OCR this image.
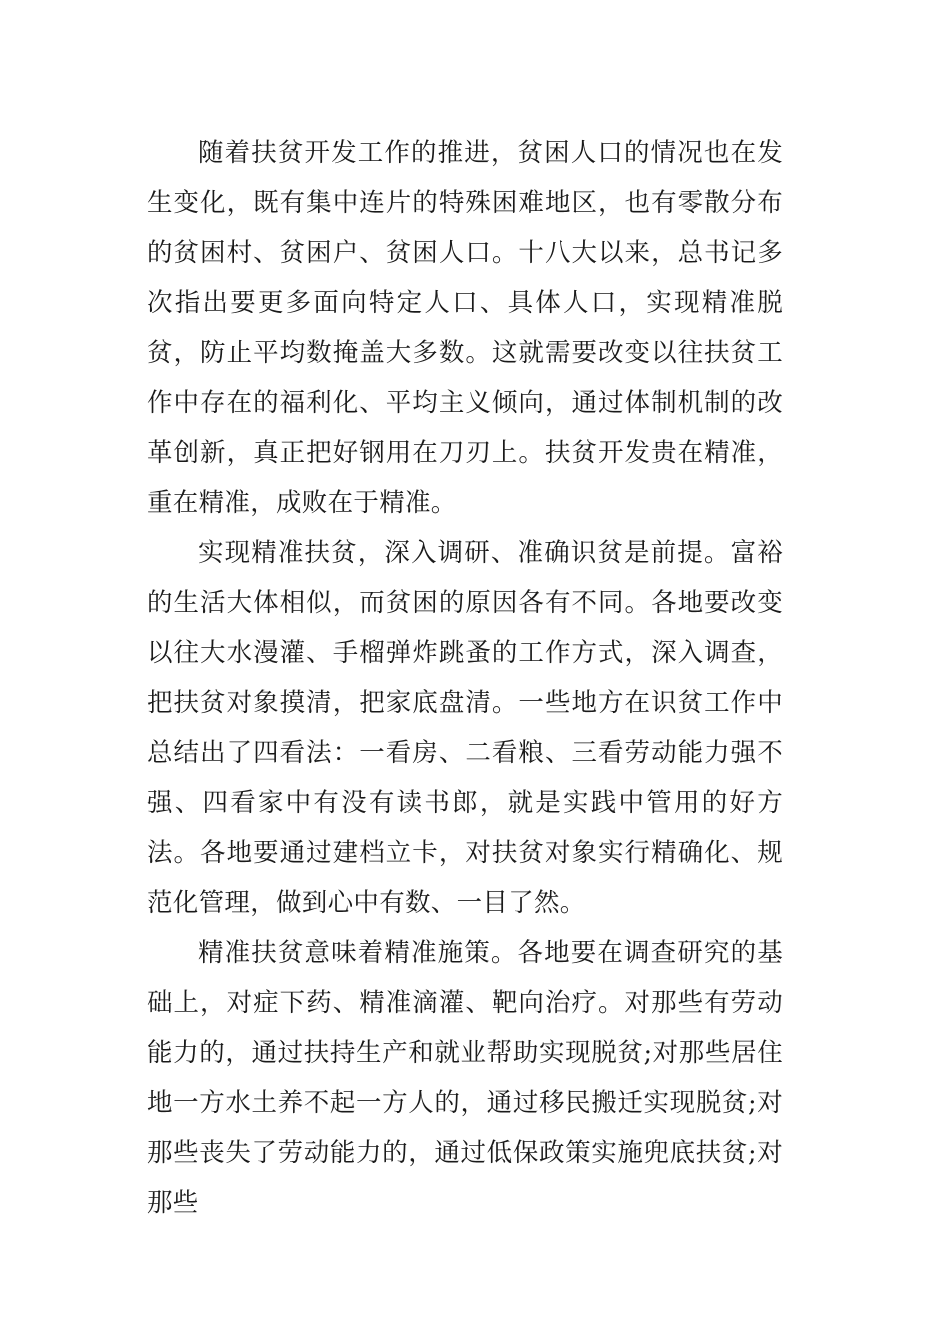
随着扶贫开发工作的推进，贫困人口的情况也在发生变化，既有集中连片的特殊困难地区，也有零散分布的贫困村、贫困户、贫困人口。十八大以来，总书记多次指出要更多面向特定人口、具体人口，实现精准脱贫，防止平均数掩盖大多数。这就需要改变以往扶贫工作中存在的福利化、平均主义倾向，通过体制机制的改革创新，真正把好钢用在刀刃上。扶贫开发贵在精准，重在精准，成败在于精准。

实现精准扶贫，深入调研、准确识贫是前提。富裕的生活大体相似，而贫困的原因各有不同。各地要改变以往大水漫灌、手榴弹炸跳蚤的工作方式，深入调查，把扶贫对象摸清，把家底盘清。一些地方在识贫工作中总结出了四看法：一看房、二看粮、三看劳动能力强不强、四看家中有没有读书郎，就是实践中管用的好方法。各地要通过建档立卡，对扶贫对象实行精确化、规范化管理，做到心中有数、一目了然。

精准扶贫意味着精准施策。各地要在调查研究的基础上，对症下药、精准滴灌、靶向治疗。对那些有劳动能力的，通过扶持生产和就业帮助实现脱贫;对那些居住地一方水土养不起一方人的，通过移民搬迁实现脱贫;对那些丧失了劳动能力的，通过低保政策实施兜底扶贫;对那些
